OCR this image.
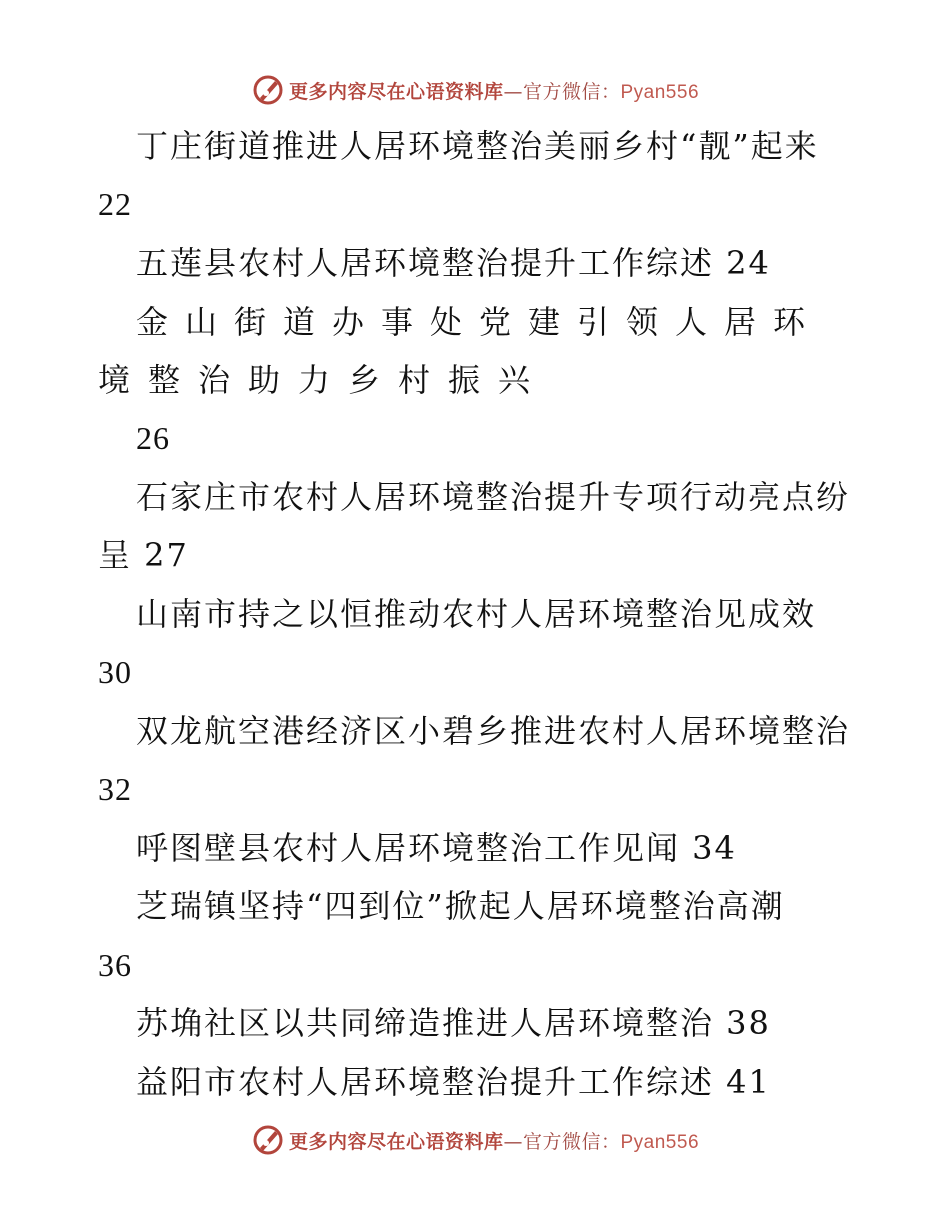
更多内容尽在心语资料库—官方微信：Pyan556
丁庄街道推进人居环境整治美丽乡村“靓”起来
22
五莲县农村人居环境整治提升工作综述 24
金山街道办事处党建引领人居环
境整治助力乡村振兴
26
石家庄市农村人居环境整治提升专项行动亮点纷
呈 27
山南市持之以恒推动农村人居环境整治见成效
30
双龙航空港经济区小碧乡推进农村人居环境整治
32
呼图壁县农村人居环境整治工作见闻 34
芝瑞镇坚持“四到位”掀起人居环境整治高潮
36
苏埆社区以共同缔造推进人居环境整治 38
益阳市农村人居环境整治提升工作综述 41
更多内容尽在心语资料库—官方微信：Pyan556
